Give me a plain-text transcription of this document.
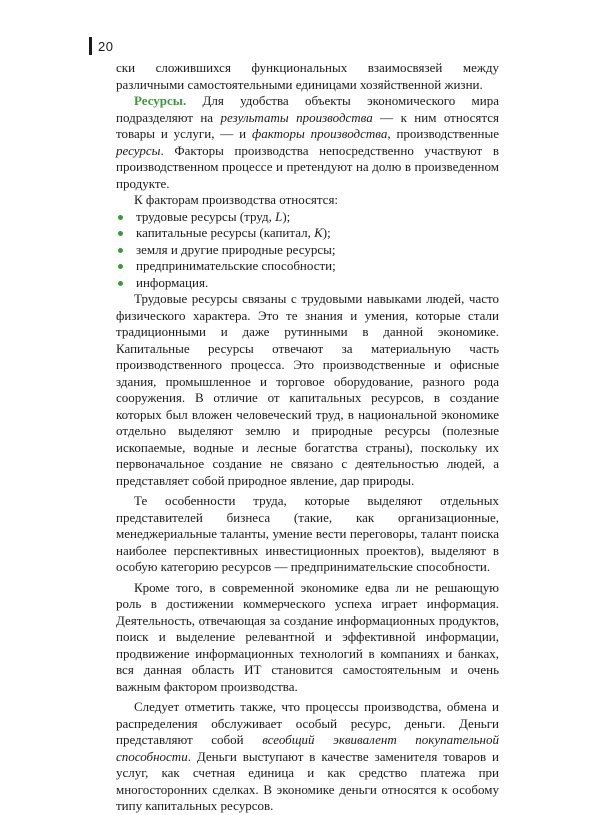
20

ски сложившихся функциональных взаимосвязей между различными самостоятельными единицами хозяйственной жизни.

Ресурсы. Для удобства объекты экономического мира подразделяют на результаты производства — к ним относятся товары и услуги, — и факторы производства, производственные ресурсы. Факторы производства непосредственно участвуют в производственном процессе и претендуют на долю в произведенном продукте.

К факторам производства относятся:

трудовые ресурсы (труд, L);
капитальные ресурсы (капитал, K);
земля и другие природные ресурсы;
предпринимательские способности;
информация.

Трудовые ресурсы связаны с трудовыми навыками людей, часто физического характера. Это те знания и умения, которые стали традиционными и даже рутинными в данной экономике. Капитальные ресурсы отвечают за материальную часть производственного процесса. Это производственные и офисные здания, промышленное и торговое оборудование, разного рода сооружения. В отличие от капитальных ресурсов, в создание которых был вложен человеческий труд, в национальной экономике отдельно выделяют землю и природные ресурсы (полезные ископаемые, водные и лесные богатства страны), поскольку их первоначальное создание не связано с деятельностью людей, а представляет собой природное явление, дар природы.

Те особенности труда, которые выделяют отдельных представителей бизнеса (такие, как организационные, менеджериальные таланты, умение вести переговоры, талант поиска наиболее перспективных инвестиционных проектов), выделяют в особую категорию ресурсов — предпринимательские способности.

Кроме того, в современной экономике едва ли не решающую роль в достижении коммерческого успеха играет информация. Деятельность, отвечающая за создание информационных продуктов, поиск и выделение релевантной и эффективной информации, продвижение информационных технологий в компаниях и банках, вся данная область ИТ становится самостоятельным и очень важным фактором производства.

Следует отметить также, что процессы производства, обмена и распределения обслуживает особый ресурс, деньги. Деньги представляют собой всеобщий эквивалент покупательной способности. Деньги выступают в качестве заменителя товаров и услуг, как счетная единица и как средство платежа при многосторонних сделках. В экономике деньги относятся к особому типу капитальных ресурсов.
